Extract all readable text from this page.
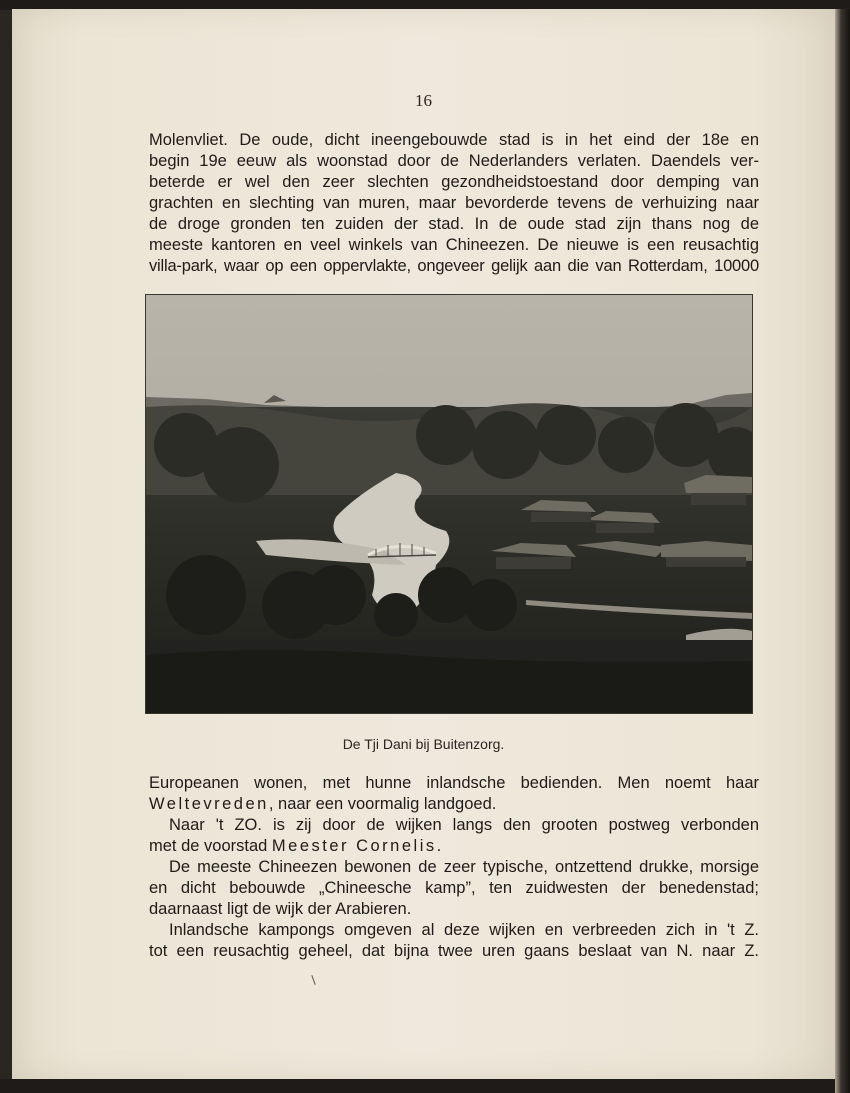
16
Molenvliet. De oude, dicht ineengebouwde stad is in het eind der 18e en
begin 19e eeuw als woonstad door de Nederlanders verlaten. Daendels ver-
beterde er wel den zeer slechten gezondheidstoestand door demping van
grachten en slechting van muren, maar bevorderde tevens de verhuizing naar
de droge gronden ten zuiden der stad. In de oude stad zijn thans nog de
meeste kantoren en veel winkels van Chineezen. De nieuwe is een reusachtig
villa-park, waar op een oppervlakte, ongeveer gelijk aan die van Rotterdam, 10000
De Tji Dani bij Buitenzorg.
Europeanen wonen, met hunne inlandsche bedienden. Men noemt haar
Weltevreden, naar een voormalig landgoed.
Naar 't ZO. is zij door de wijken langs den grooten postweg verbonden
met de voorstad Meester Cornelis.
De meeste Chineezen bewonen de zeer typische, ontzettend drukke, morsige
en dicht bebouwde „Chineesche kamp”, ten zuidwesten der benedenstad;
daarnaast ligt de wijk der Arabieren.
Inlandsche kampongs omgeven al deze wijken en verbreeden zich in 't Z.
tot een reusachtig geheel, dat bijna twee uren gaans beslaat van N. naar Z.
